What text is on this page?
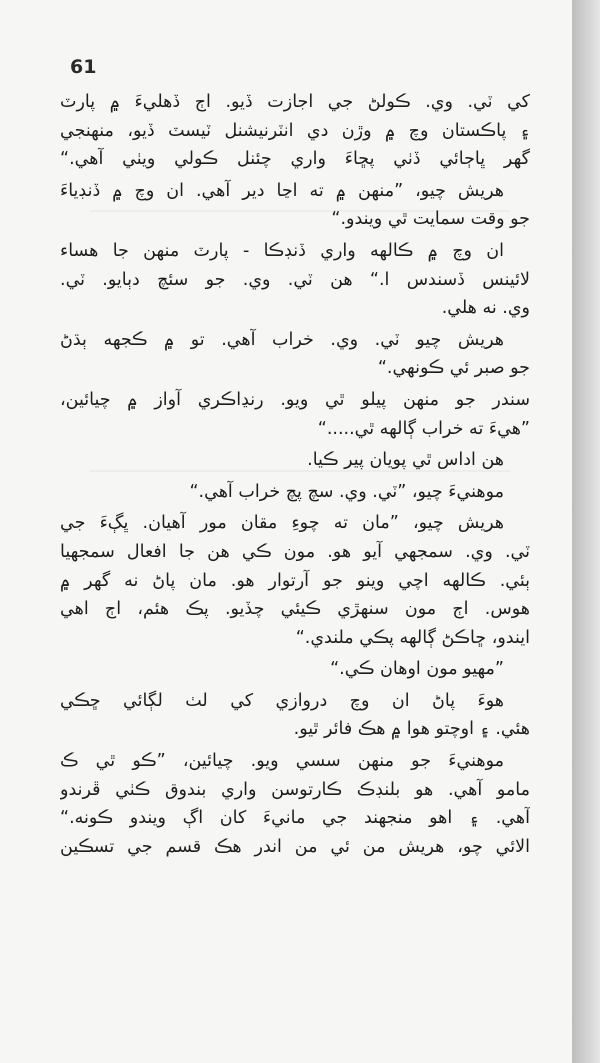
61
کي ٽي. وي. ڪولڻ جي اجازت ڏيو. اڄ ڏهليءَ ۾ پارٽ
۽ پاڪستان وچ ۾ وڙن دي انٽرنيشنل ٽيسٽ ڏيو، منهنجي
گهر ڀاڄائي ڏٺي پڇاءَ واري چئنل ڪولي ويٺي آهي.“
هريش چيو، ”منهن ۾ ته اڃا دير آهي. ان وچ ۾ ڏنڊياءَ
جو وقت سمايت ٿي ويندو.“
ان وچ ۾ ڪالهه واري ڏنڊڪا - پارٽ منهن جا هساء
لائينس ڏسندس ا.“ هن ٽي. وي. جو سئچ دٻايو. ٽي.
وي. نه هلي.
هريش چيو ٽي. وي. خراب آهي. تو ۾ ڪجهه ٻڌڻ
جو صبر ئي ڪونهي.“
سندر جو منهن پيلو ٿي ويو. رنڍاڪري آواز ۾ چيائين،
”هيءَ ته خراب ڳالهه ٿي.....“
هن اداس ٿي پويان پير ڪيا.
موهنيءَ چيو، ”ٽي. وي. سچ پچ خراب آهي.“
هريش چيو، ”مان ته چوءِ مقان مور آهيان. ڀڳءَ جي
ٽي. وي. سمجهي آيو هو. مون ڪي هن جا افعال سمجهيا
ٻئي. ڪالهه اچي وينو جو آرتوار هو. مان پاڻ نه گهر ۾
هوس. اڄ مون سنهڙي ڪيئي چڏيو. پڪ هئم، اڄ اهي
ايندو، ڇاڪڻ ڳالهه پڪي ملندي.“
”مهيو مون اوهان ڪي.“
هوءَ پاڻ ان وچ دروازي کي لٺ لڳائي ڇڪي
هئي. ۽ اوچتو هوا ۾ هڪ فائر ٿيو.
موهنيءَ جو منهن سسي ويو. چيائين، ”ڪو ٿي ڪ
مامو آهي. هو بلنڊڪ ڪارتوسن واري بندوق ڪٺي ڦرندو
آهي. ۽ اهو منجهند جي مانيءَ کان اڳ ويندو ڪونه.“
الائي چو، هريش من ئي من اندر هڪ قسم جي تسڪين
